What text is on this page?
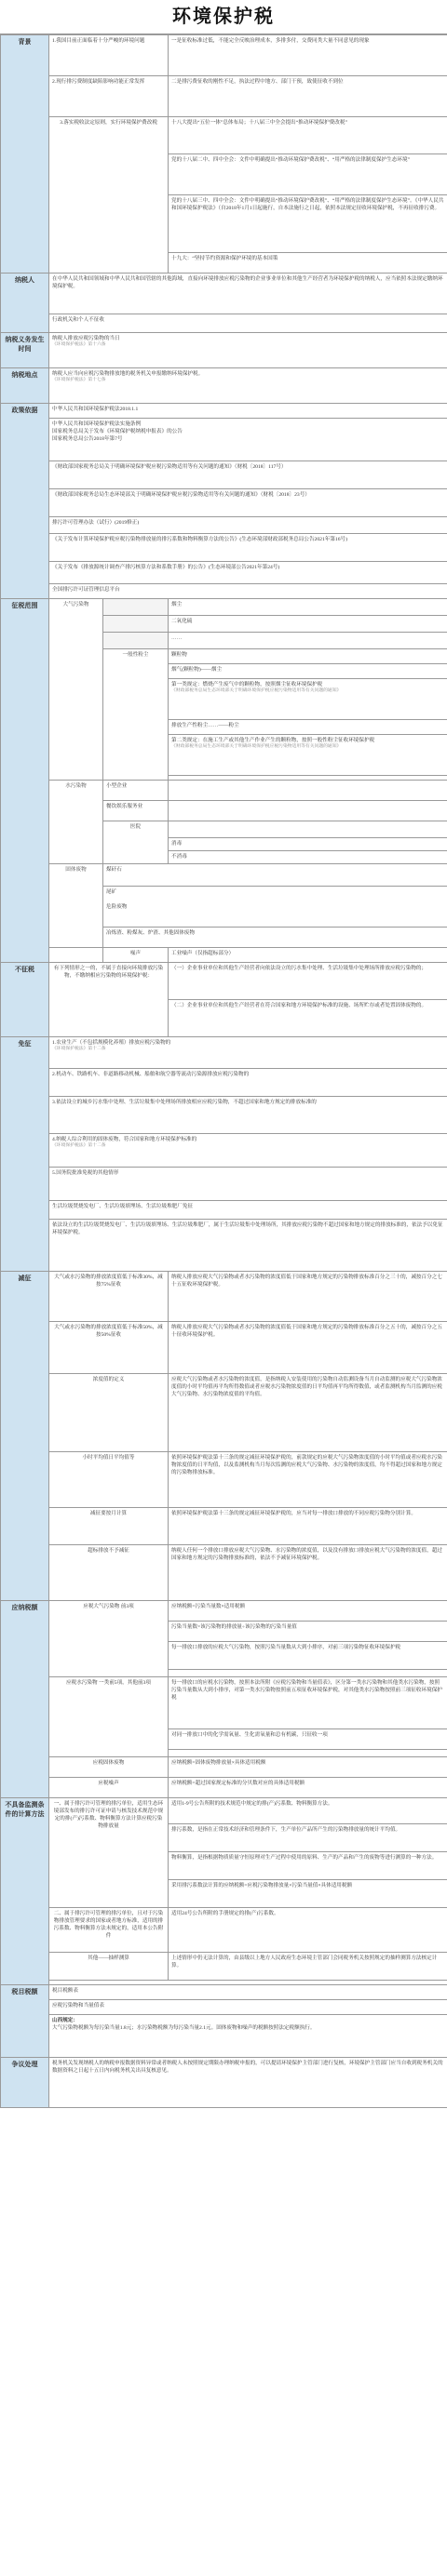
环境保护税
背景	1.我国目前正面临着十分严峻的环境问题		一是征收标准过低，不能完全反映治理成本，多排多付，交费同类大量不同意见的现象
	2.现行排污费制度缺陷影响功能正常发挥		二是排污费征收的刚性不足，执法过程中地方、部门干预，致使征收不到位
	3.落实税收法定原则，实行环境保护费改税		十八大提出“五位一体”总体布局；十八届三中全会提出“推动环境保护费改税”
			党的十八届二中、四中全会：文件中明确提出“推动环境保护费改税”、“用严格的法律制度保护生态环境”
			党的十八届三中、四中全会：文件中明确提出“推动环境保护费改税”、“用严格的法律制度保护生态环境”。《中华人民共和国环境保护税法》（自2018年1月1日起施行，自本法施行之日起，依照本法规定征收环境保护税，不再征收排污费。
			十九大：“坚持节约资源和保护环境的基本国策
纳税人	在中华人民共和国领域和中华人民共和国管辖的其他海域，直接向环境排放应税污染物的企业事业单位和其他生产经营者为环境保护税的纳税人，应当依照本法规定缴纳环境保护税。		
	行政机关和个人不征收		
纳税义务发生时间	纳税人排放应税污染物的当日
《环境保护税法》第十六条		

纳税地点	纳税人应当向应税污染物排放地的税务机关申报缴纳环境保护税。
《环境保护税法》第十七条		

政策依据	中华人民共和国环境保护税法2018.1.1		
	中华人民共和国环境保护税法实施条例
国家税务总局关于发布《环境保护税纳税申报表》的公告
国家税务总局公告2018年第7号		
	《财政部国家税务总局关于明确环境保护税应税污染物适用等有关问题的通知》（财税〔2018〕117号）		
	《财政部国家税务总局生态环境部关于明确环境保护税应税污染物适用等有关问题的通知》（财税〔2018〕23号）		
	排污许可管理办法（试行）(2019修正)		
	《关于发布计算环境保护税应税污染物排放量的排污系数和物料衡算方法的公告》(生态环境部财政部税务总局公告2021年第16号)		
	《关于发布《排放源统计调查产排污核算方法和系数手册》的公告》(生态环境部公告2021年第24号)		
	全国排污许可证管理信息平台		
征税范围	大气污染物		烟尘
			二氧化硫
			……
		一般性粉尘	颗粒物
			烟气(颗粒物)——烟尘

			第一类规定：燃烧产生废气中的颗粒物，按照烟尘征收环境保护税
《财政部税务总局生态环境部关于明确环境保护税应税污染物适用等有关问题的通知》

			排放生产性粉尘……——粉尘

			第二类规定：在施工生产或其他生产作业产生的颗粒物，按照一般性粉尘征收环境保护税
《财政部税务总局生态环境部关于明确环境保护税应税污染物适用等有关问题的通知》

	水污染物	小型企业	
		餐饮娱乐服务业	
		医院	
			消毒
			不消毒
	固体废物	煤矸石	

		尾矿
危险废物	

		冶炼渣、粉煤灰、炉渣、其他固体废物	
		噪声	工业噪声（仅指超标部分）
不征税	有下列情形之一的，不属于直接向环境排放污染物，不缴纳相应污染物的环境保护税：		（一）企业事业单位和其他生产经营者向依法设立的污水集中处理、生活垃圾集中处理场所排放应税污染物的；
			（二）企业事业单位和其他生产经营者在符合国家和地方环境保护标准的设施、场所贮存或者处置固体废物的。
免征	1.农业生产（不包括规模化养殖）排放应税污染物的
《环境保护税法》第十二条		

	2.机动车、铁路机车、非道路移动机械、船舶和航空器等流动污染源排放应税污染物的		
	3.依法设立的城乡污水集中处理、生活垃圾集中处理场所排放相应应税污染物，不超过国家和地方规定的排放标准的		

	4.纳税人综合利用的固体废物，符合国家和地方环境保护标准的
《环境保护税法》第十二条		

	5.国务院批准免税的其他情形		
	生活垃圾焚烧发电厂、生活垃圾填埋场、生活垃圾堆肥厂免征		
	依法设立的生活垃圾焚烧发电厂、生活垃圾填埋场、生活垃圾堆肥厂，属于生活垃圾集中处理场所，其排放应税污染物不超过国家和地方规定的排放标准的，依法予以免征环境保护税。		
减征	大气或水污染物的排放浓度值低于标准30%，减按75%征收		纳税人排放应税大气污染物或者水污染物的浓度值低于国家和地方规定的污染物排放标准百分之三十的，减按百分之七十五征收环境保护税。
	大气或水污染物的排放浓度值低于标准50%，减按50%征收		纳税人排放应税大气污染物或者水污染物的浓度值低于国家和地方规定的污染物排放标准百分之五十的，减按百分之五十征收环境保护税。
	浓度值的定义		应税大气污染物或者水污染物的浓度值，是指纳税人安装使用的污染物自动监测设备当月自动监测的应税大气污染物浓度值的小时平均值再平均所得数值或者应税水污染物浓度值的日平均值再平均所得数值，或者监测机构当月监测的应税大气污染物、水污染物浓度值的平均值。
	小时平均值日平均值等		依照环境保护税法第十三条的规定减征环境保护税的，前款规定的应税大气污染物浓度值的小时平均值或者应税水污染物浓度值的日平均值，以及监测机构当月每次监测的应税大气污染物、水污染物的浓度值，均不得超过国家和地方规定的污染物排放标准。
	减征要按月计算		依照环境保护税法第十三条的规定减征环境保护税的，应当对每一排放口排放的不同应税污染物分别计算。
	超标排放不予减征		纳税人任何一个排放口排放应税大气污染物、水污染物的浓度值，以及没有排放口排放应税大气污染物的浓度值，超过国家和地方规定的污染物排放标准的，依法不予减征环境保护税。
应纳税额	应税大气污染物 前3项		应纳税额=污染当量数×适用税额
			污染当量数=该污染物的排放量÷该污染物的污染当量值
			每一排放口排放的应税大气污染物，按照污染当量数从大到小排序，对前三项污染物征收环境保护税

	应税水污染物 一类前5项，其他前3项		每一排放口的应税水污染物，按照本法所附《应税污染物和当量值表》，区分第一类水污染物和其他类水污染物，按照污染当量数从大到小排序，对第一类水污染物按照前五项征收环境保护税，对其他类水污染物按照前三项征收环境保护税
			对同一排放口中的化学需氧量、生化需氧量和总有机碳，只征收一项

	应税固体废物		应纳税额=固体废物排放量×具体适用税额
	应税噪声		应纳税额=超过国家规定标准的分贝数对应的具体适用税额
不具备监测条件的计算方法	一、属于排污许可管理的排污单位，适用生态环境部发布的排污许可证申请与核发技术规范中规定的排(产)污系数、物料衡算方法计算应税污染物排放量		适用1-9号公告所附的技术规范中规定的排(产)污系数、物料衡算方法。
			排污系数，是指在正常技术经济和管理条件下，生产单位产品所产生的污染物排放量的统计平均值。
			物料衡算，是指根据物质质量守恒原理对生产过程中使用的原料、生产的产品和产生的废物等进行测算的一种方法。
			采用排污系数法计算的应纳税额=应税污染物排放量×污染当量值×具体适用税额
	二、属于排污许可管理的排污单位，且对于污染物排放管理要求的国家或者地方标准，适用的排污系数、物料衡算方法未规定的，适用本公告附件		适用24号公告所附的手册规定的排(产)污系数。
	其他——抽样测算		上述情形中仍无法计算的，由县级以上地方人民政府生态环境主管部门会同税务机关按照规定的抽样测算方法核定计算。

税目税额	税目税额表		
	应税污染物和当量值表		

	山西规定：
大气污染物税额为每污染当量1.8元；水污染物税额为每污染当量2.1元。固体废物和噪声的税额按照法定税额执行。		

争议处理	税务机关发现纳税人的纳税申报数据资料异常或者纳税人未按照规定期限办理纳税申报的，可以提请环境保护主管部门进行复核，环境保护主管部门应当自收到税务机关的数据资料之日起十五日内向税务机关出具复核意见。		
